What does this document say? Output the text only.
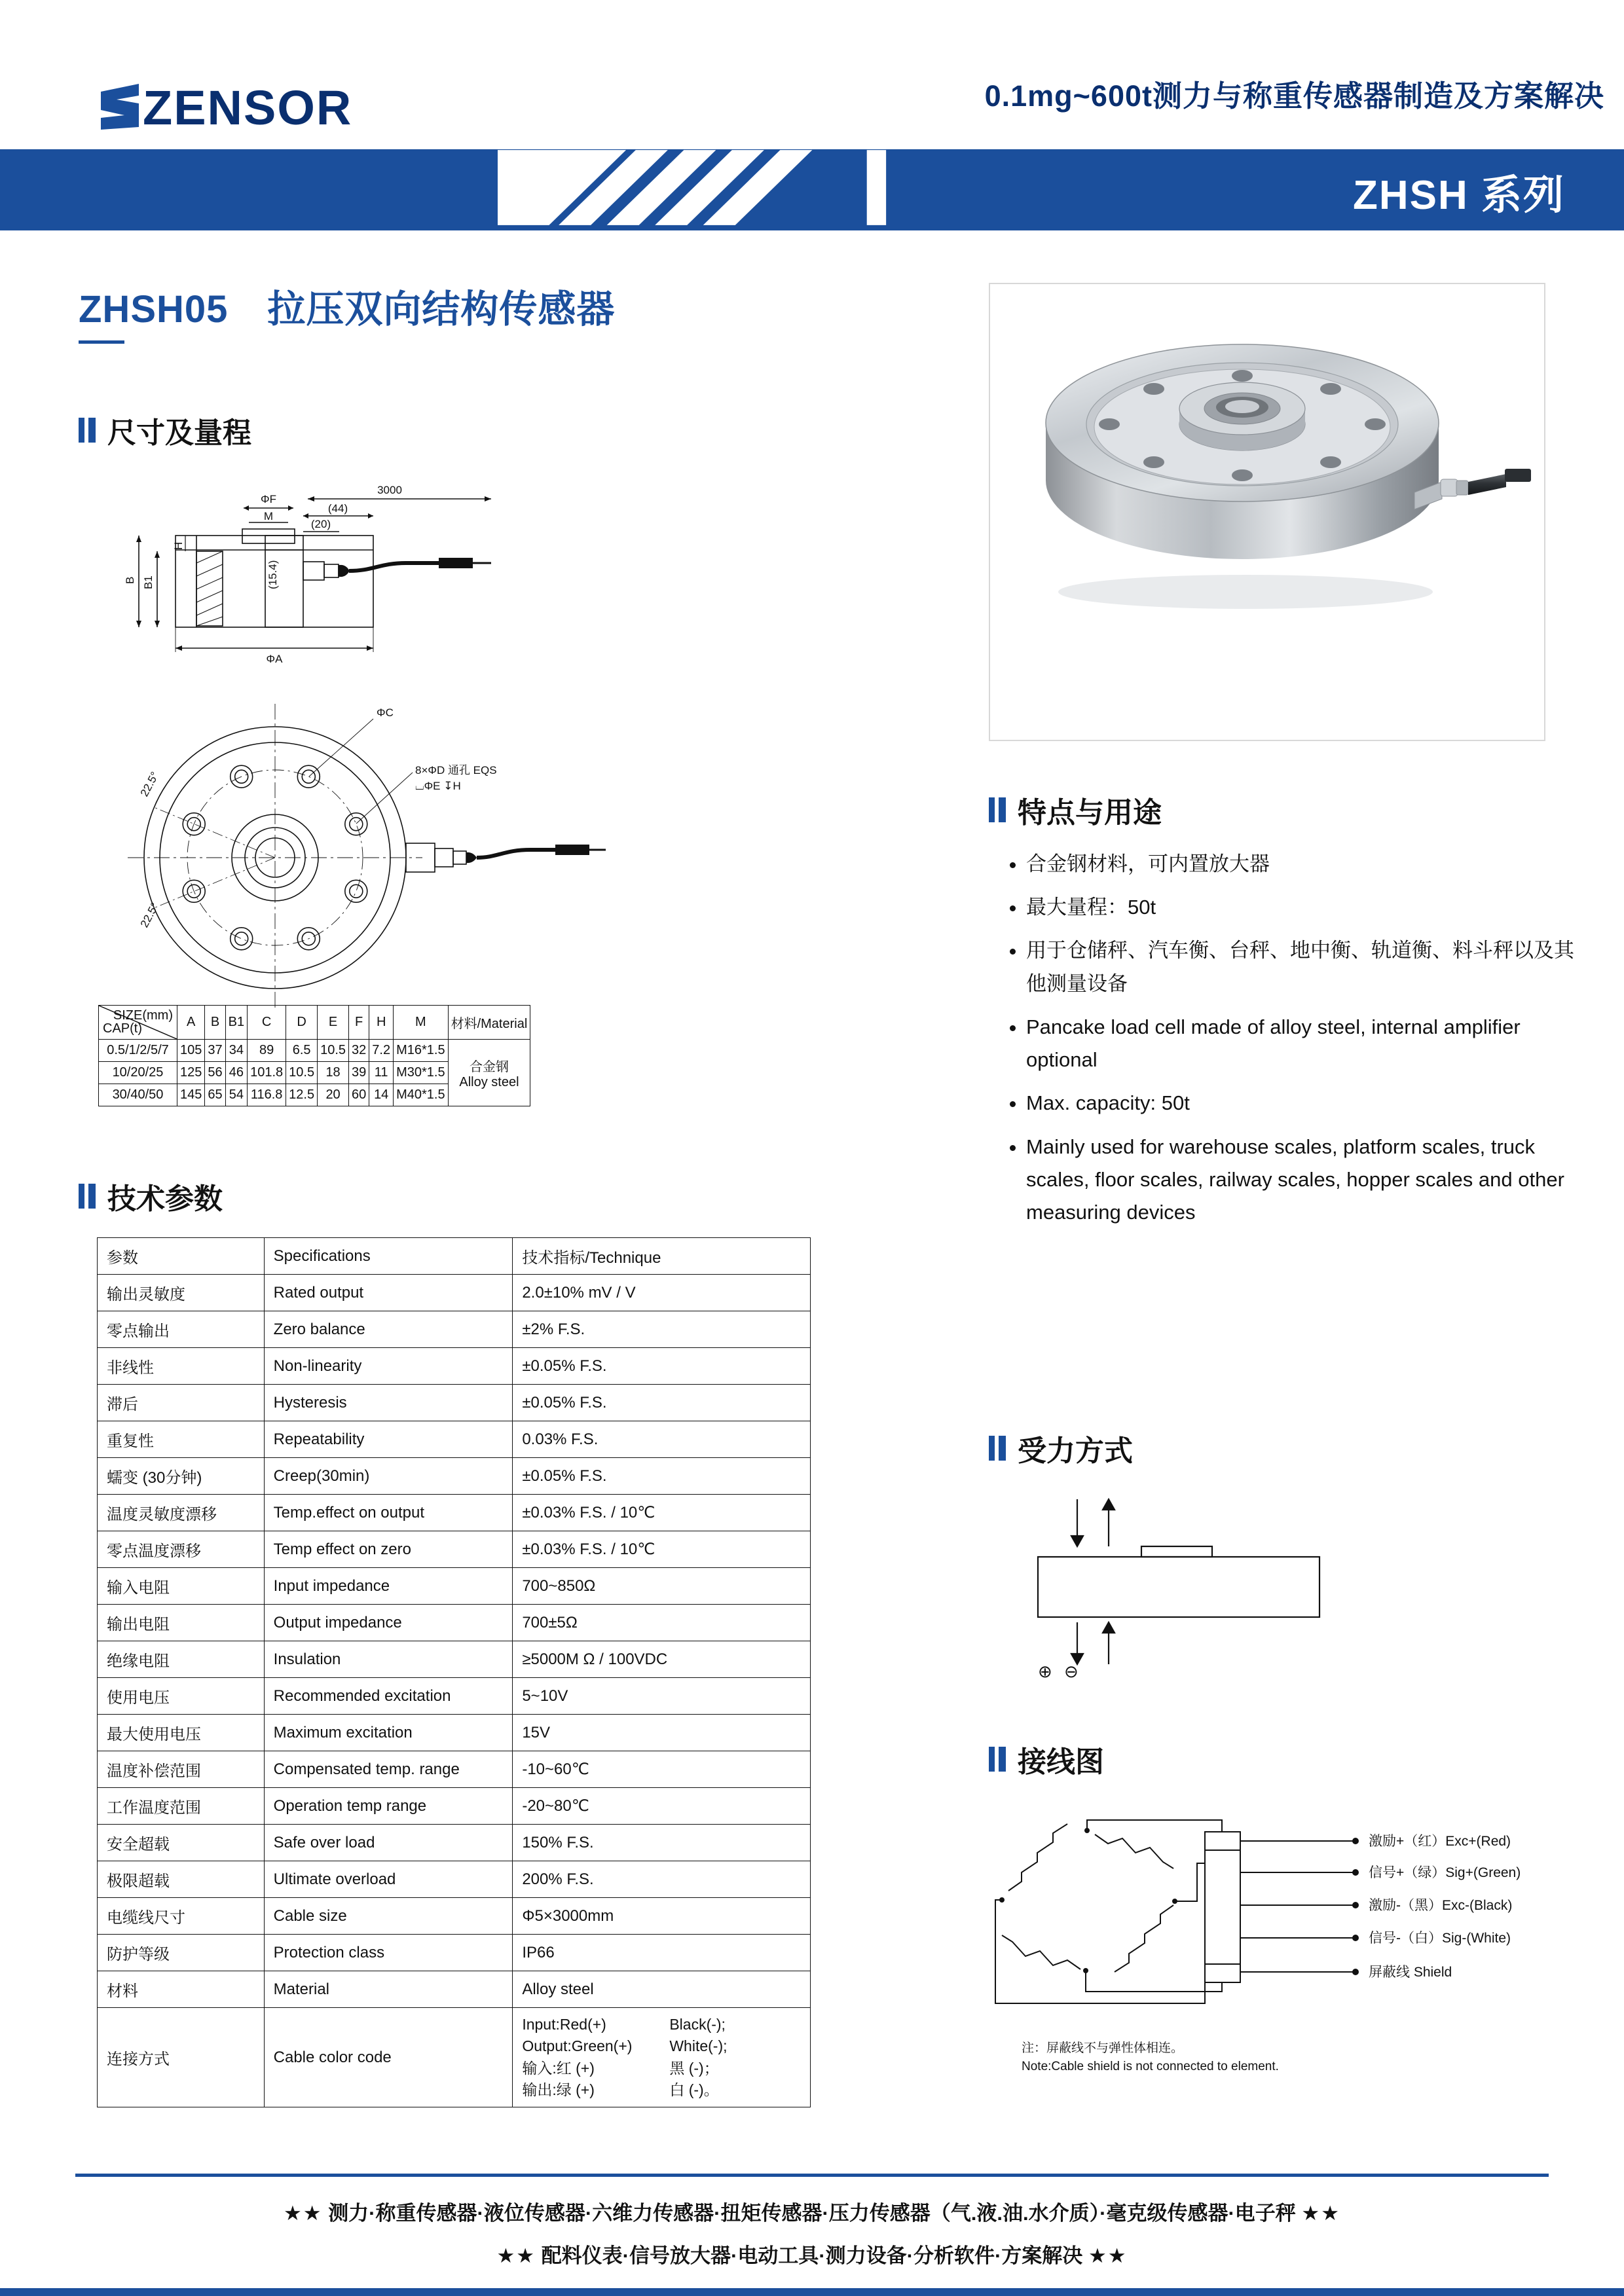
ZENSOR	0.1mg~600t测力与称重传感器制造及方案解决
ZHSH 系列
ZHSH05 拉压双向结构传感器
尺寸及量程
3000
(44)
(20)
(15.4)
ΦF
M
H
B B1
ΦA
22.5°
22.5°
ΦC
8×ΦD 通孔 EQS
⌴ΦE ↧H
SIZE(mm)
CAP(t)	A	B	B1	C	D	E	F	H	M	材料/Material
0.5/1/2/5/7	105	37	34	89	6.5	10.5	32	7.2	M16*1.5	合金钢
Alloy steel

10/20/25	125	56	46	101.8	10.5	18	39	11	M30*1.5	
30/40/50	145	65	54	116.8	12.5	20	60	14	M40*1.5	
技术参数
参数	Specifications	技术指标/Technique
输出灵敏度	Rated output	2.0±10% mV / V
零点输出	Zero balance	±2% F.S.
非线性	Non-linearity	±0.05% F.S.
滞后	Hysteresis	±0.05% F.S.
重复性	Repeatability	0.03% F.S.
蠕变 (30分钟)	Creep(30min)	±0.05% F.S.
温度灵敏度漂移	Temp.effect on output	±0.03% F.S. / 10℃
零点温度漂移	Temp effect on zero	±0.03% F.S. / 10℃
输入电阻	Input impedance	700~850Ω
输出电阻	Output impedance	700±5Ω
绝缘电阻	Insulation	≥5000M Ω / 100VDC
使用电压	Recommended excitation	5~10V
最大使用电压	Maximum excitation	15V
温度补偿范围	Compensated temp. range	-10~60℃
工作温度范围	Operation temp range	-20~80℃
安全超载	Safe over load	150% F.S.
极限超载	Ultimate overload	200% F.S.
电缆线尺寸	Cable size	Φ5×3000mm
防护等级	Protection class	IP66
材料	Material	Alloy steel
连接方式	Cable color code	
Input:Red(+)	Black(-);
Output:Green(+)	White(-);
输入:红 (+)	黑 (-)；
输出:绿 (+)	白 (-)。
特点与用途
• 合金钢材料，可内置放大器
• 最大量程：50t
• 用于仓储秤、汽车衡、台秤、地中衡、轨道衡、料斗秤以及其他测量设备
• Pancake load cell made of alloy steel, internal amplifier optional
• Max. capacity: 50t
• Mainly used for warehouse scales, platform scales, truck scales, floor scales, railway scales, hopper scales and other measuring devices
受力方式
⊕ ⊖
接线图
激励+（红）Exc+(Red)
信号+（绿）Sig+(Green)
激励-（黑）Exc-(Black)
信号-（白）Sig-(White)
屏蔽线 Shield
注：屏蔽线不与弹性体相连。
Note:Cable shield is not connected to element.
★★ 测力·称重传感器·液位传感器·六维力传感器·扭矩传感器·压力传感器（气.液.油.水介质）·毫克级传感器·电子秤 ★★
★★ 配料仪表·信号放大器·电动工具·测力设备·分析软件·方案解决 ★★
